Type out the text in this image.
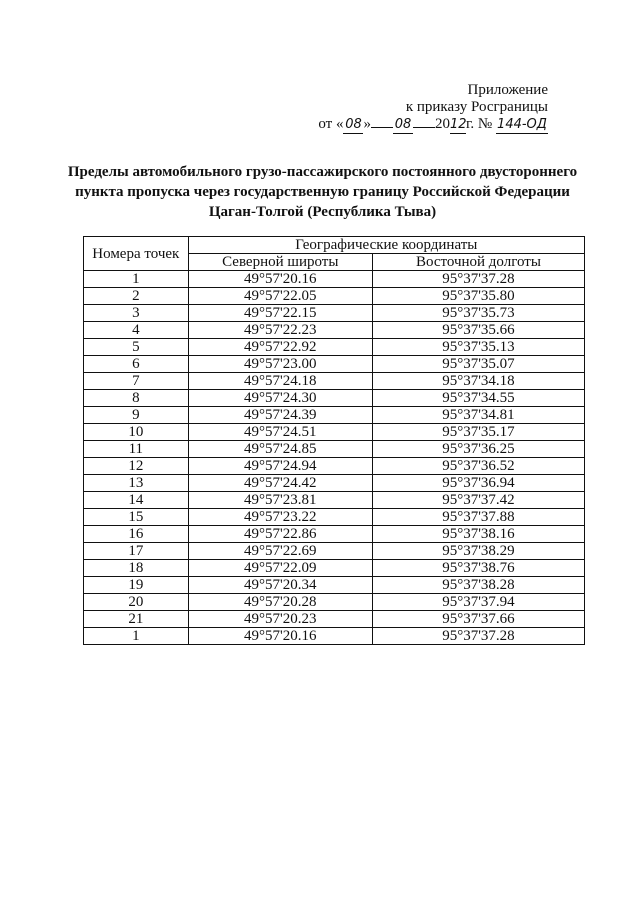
Приложение
к приказу Росграницы
от « 08 » 08 2012г. № 144-ОД
Пределы автомобильного грузо-пассажирского постоянного двустороннего
пункта пропуска через государственную границу Российской Федерации
Цаган-Толгой (Республика Тыва)
Номера точек	Географические координаты	
	Северной широты	Восточной долготы
1	49°57'20.16	95°37'37.28
2	49°57'22.05	95°37'35.80
3	49°57'22.15	95°37'35.73
4	49°57'22.23	95°37'35.66
5	49°57'22.92	95°37'35.13
6	49°57'23.00	95°37'35.07
7	49°57'24.18	95°37'34.18
8	49°57'24.30	95°37'34.55
9	49°57'24.39	95°37'34.81
10	49°57'24.51	95°37'35.17
11	49°57'24.85	95°37'36.25
12	49°57'24.94	95°37'36.52
13	49°57'24.42	95°37'36.94
14	49°57'23.81	95°37'37.42
15	49°57'23.22	95°37'37.88
16	49°57'22.86	95°37'38.16
17	49°57'22.69	95°37'38.29
18	49°57'22.09	95°37'38.76
19	49°57'20.34	95°37'38.28
20	49°57'20.28	95°37'37.94
21	49°57'20.23	95°37'37.66
1	49°57'20.16	95°37'37.28
